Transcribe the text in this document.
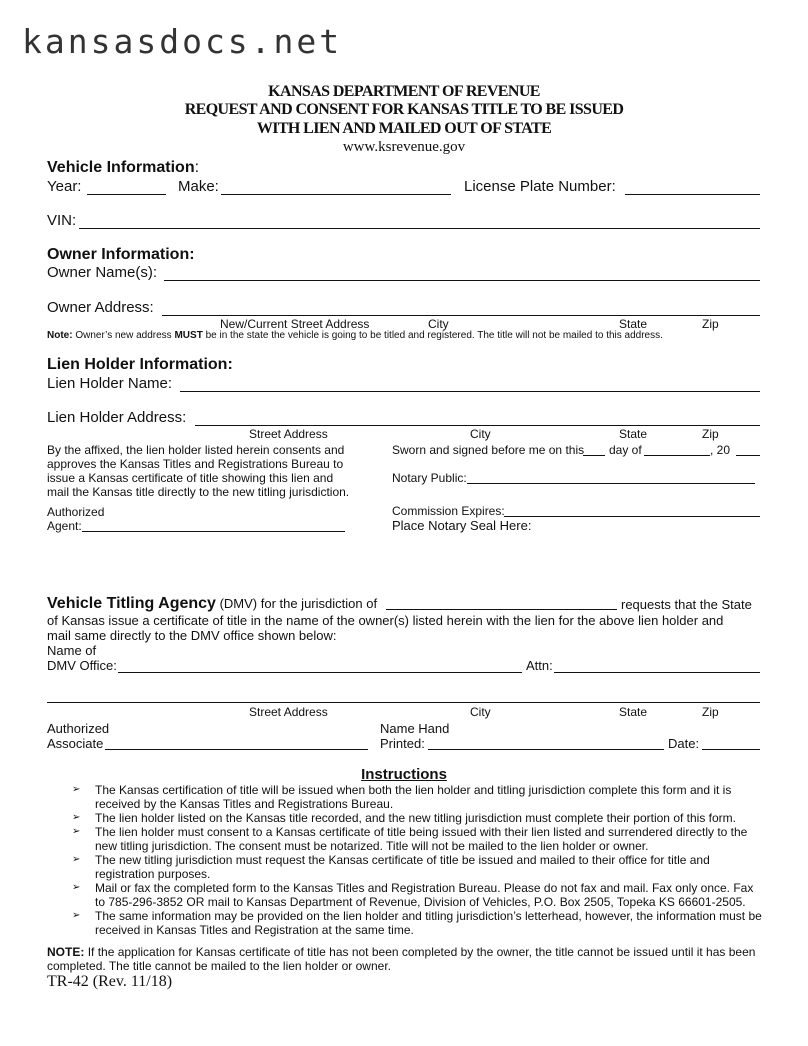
kansasdocs.net
KANSAS DEPARTMENT OF REVENUE
REQUEST AND CONSENT FOR KANSAS TITLE TO BE ISSUED
WITH LIEN AND MAILED OUT OF STATE
www.ksrevenue.gov
Vehicle Information:
Year:	Make:	License Plate Number:
VIN:
Owner Information:
Owner Name(s):
Owner Address:
New/Current Street Address	City	State	Zip
Note: Owner’s new address MUST be in the state the vehicle is going to be titled and registered. The title will not be mailed to this address.
Lien Holder Information:
Lien Holder Name:
Lien Holder Address:
Street Address	City	State	Zip
By the affixed, the lien holder listed herein consents and approves the Kansas Titles and Registrations Bureau to issue a Kansas certificate of title showing this lien and mail the Kansas title directly to the new titling jurisdiction.
Authorized
Agent:
Sworn and signed before me on this day of	, 20
Notary Public:
Commission Expires:
Place Notary Seal Here:
Vehicle Titling Agency (DMV) for the jurisdiction of	requests that the State
of Kansas issue a certificate of title in the name of the owner(s) listed herein with the lien for the above lien holder and
mail same directly to the DMV office shown below:
Name of
DMV Office:	Attn:
Street Address	City	State	Zip
Authorized
Associate
Name Hand
Printed:	Date:
Instructions
➢ The Kansas certification of title will be issued when both the lien holder and titling jurisdiction complete this form and it is received by the Kansas Titles and Registrations Bureau.
➢ The lien holder listed on the Kansas title recorded, and the new titling jurisdiction must complete their portion of this form.
➢ The lien holder must consent to a Kansas certificate of title being issued with their lien listed and surrendered directly to the new titling jurisdiction. The consent must be notarized. Title will not be mailed to the lien holder or owner.
➢ The new titling jurisdiction must request the Kansas certificate of title be issued and mailed to their office for title and registration purposes.
➢ Mail or fax the completed form to the Kansas Titles and Registration Bureau. Please do not fax and mail. Fax only once. Fax to 785-296-3852 OR mail to Kansas Department of Revenue, Division of Vehicles, P.O. Box 2505, Topeka KS 66601-2505.
➢ The same information may be provided on the lien holder and titling jurisdiction’s letterhead, however, the information must be received in Kansas Titles and Registration at the same time.
NOTE: If the application for Kansas certificate of title has not been completed by the owner, the title cannot be issued until it has been completed. The title cannot be mailed to the lien holder or owner.
TR-42 (Rev. 11/18)
